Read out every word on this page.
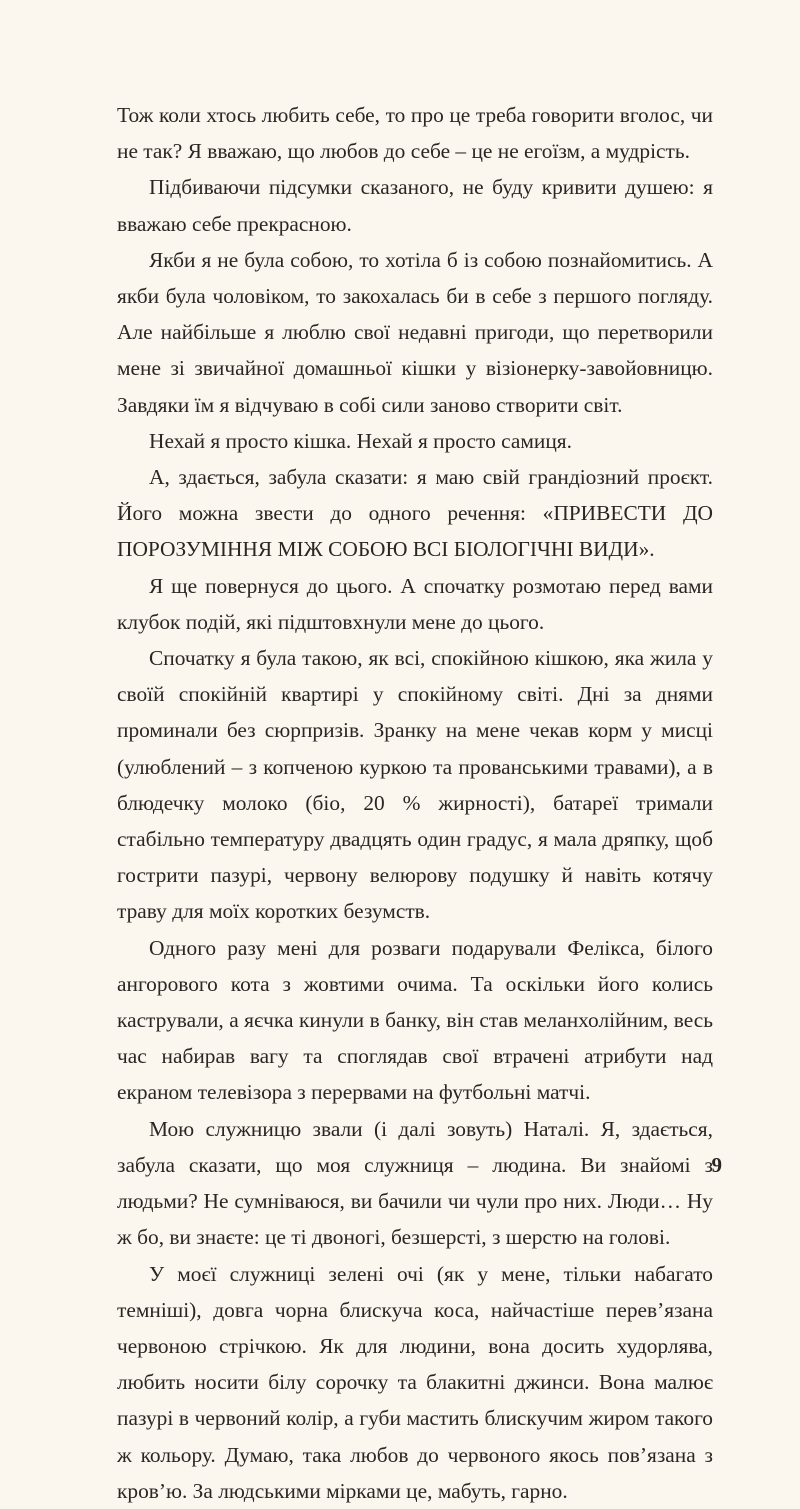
Тож коли хтось любить себе, то про це треба говорити вголос, чи не так? Я вважаю, що любов до себе – це не егоїзм, а мудрість.

Підбиваючи підсумки сказаного, не буду кривити душею: я вважаю себе прекрасною.

Якби я не була собою, то хотіла б із собою познайомитись. А якби була чоловіком, то закохалась би в себе з першого погляду. Але найбільше я люблю свої недавні пригоди, що перетворили мене зі звичайної домашньої кішки у візіонерку-завойовницю. Завдяки їм я відчуваю в собі сили заново створити світ.

Нехай я просто кішка. Нехай я просто самиця.

А, здається, забула сказати: я маю свій грандіозний проєкт. Його можна звести до одного речення: «ПРИВЕСТИ ДО ПОРОЗУМІННЯ МІЖ СОБОЮ ВСІ БІОЛОГІЧНІ ВИДИ».

Я ще повернуся до цього. А спочатку розмотаю перед вами клубок подій, які підштовхнули мене до цього.

Спочатку я була такою, як всі, спокійною кішкою, яка жила у своїй спокійній квартирі у спокійному світі. Дні за днями проминали без сюрпризів. Зранку на мене чекав корм у мисці (улюблений – з копченою куркою та прованськими травами), а в блюдечку молоко (біо, 20 % жирності), батареї тримали стабільно температуру двадцять один градус, я мала дряпку, щоб гострити пазурі, червону велюрову подушку й навіть котячу траву для моїх коротких безумств.

Одного разу мені для розваги подарували Фелікса, білого ангорового кота з жовтими очима. Та оскільки його колись кастрували, а яєчка кинули в банку, він став меланхолійним, весь час набирав вагу та споглядав свої втрачені атрибути над екраном телевізора з перервами на футбольні матчі.

Мою служницю звали (і далі зовуть) Наталі. Я, здається, забула сказати, що моя служниця – людина. Ви знайомі з людьми? Не сумніваюся, ви бачили чи чули про них. Люди… Ну ж бо, ви знаєте: це ті двоногі, безшерсті, з шерстю на голові.

У моєї служниці зелені очі (як у мене, тільки набагато темніші), довга чорна блискуча коса, найчастіше перев’язана червоною стрічкою. Як для людини, вона досить худорлява, любить носити білу сорочку та блакитні джинси. Вона малює пазурі в червоний колір, а губи мастить блискучим жиром такого ж кольору. Думаю, така любов до червоного якось пов’язана з кров’ю. За людськими мірками це, мабуть, гарно.

9
